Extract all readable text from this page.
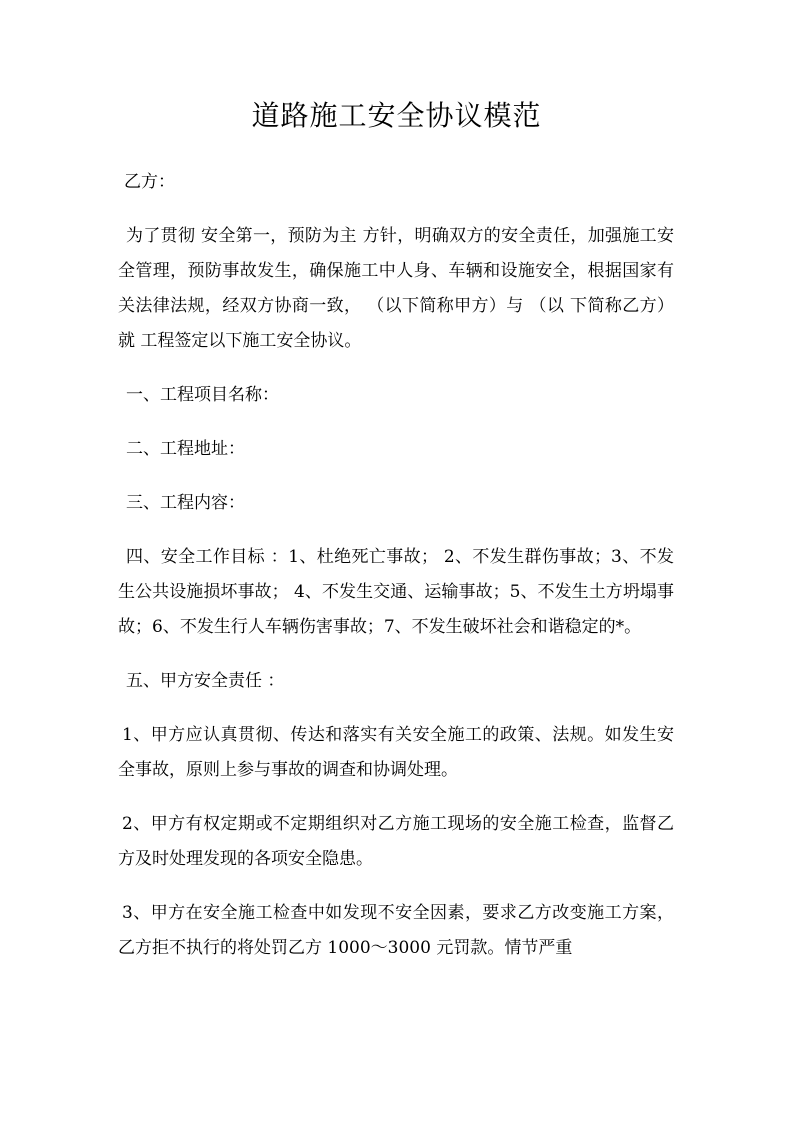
道路施工安全协议模范

乙方：

为了贯彻 安全第一，预防为主 方针，明确双方的安全责任，加强施工安全管理，预防事故发生，确保施工中人身、车辆和设施安全，根据国家有关法律法规，经双方协商一致， （以下简称甲方）与 （以 下简称乙方）就 工程签定以下施工安全协议。

一、工程项目名称：

二、工程地址：

三、工程内容：

四、安全工作目标 ：1、杜绝死亡事故； 2、不发生群伤事故；3、不发生公共设施损坏事故； 4、不发生交通、运输事故；5、不发生土方坍塌事故；6、不发生行人车辆伤害事故；7、不发生破坏社会和谐稳定的*。

五、甲方安全责任 ：

1、甲方应认真贯彻、传达和落实有关安全施工的政策、法规。如发生安全事故，原则上参与事故的调查和协调处理。

2、甲方有权定期或不定期组织对乙方施工现场的安全施工检查，监督乙方及时处理发现的各项安全隐患。

3、甲方在安全施工检查中如发现不安全因素，要求乙方改变施工方案，乙方拒不执行的将处罚乙方 1000～3000 元罚款。情节严重
